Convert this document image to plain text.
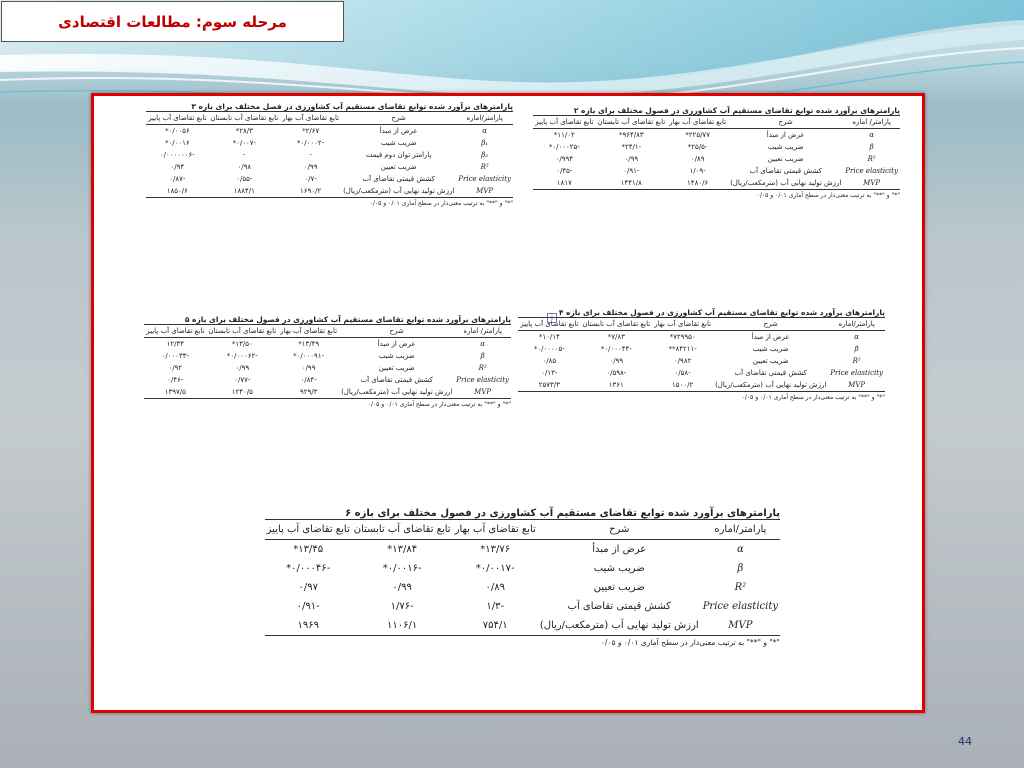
مرحله سوم: مطالعات اقتصادی
+
پارامترهای برآورد شده توابع تقاضای مستقیم آب کشاورزی در فصول مختلف برای بازه ۲
پارامتر/ اماره	شرح	تابع تقاضای آب بهار	تابع تقاضای آب تابستان	تابع تقاضای آب پاییز
α	عرض از مبدأ	۲۲۵/۷۷*	۹۶۴/۸۳*	۱۱/۰۲*
β	ضریب شیب	-۲۵/۵*	-۲۴/۱*	-۰/۰۰۰۲۵*
R²	ضریب تعیین	۰/۸۹	۰/۹۹	۰/۹۹۴
Price elasticity	کشش قیمتی تقاضای آب	-۱/۰۹	-۰/۹۱	-۰/۴۵
MVP	ارزش تولید نهایی آب (مترمکعب/ریال)	۱۴۸۰/۶	۱۴۴۱/۸	۱۸۱۷
"*" و "**" به ترتیب معنی‌دار در سطح آماری ۰/۰۱ و ۰/۰۵
پارامترهای برآورد شده توابع تقاضای مستقیم آب کشاورزی در فصل مختلف برای بازه ۳
پارامتر/اماره	شرح	تابع تقاضای آب بهار	تابع تقاضای آب تابستان	تابع تقاضای آب پاییز
α	عرض از مبدأ	۲/۶۷*	۲۸/۳*	۰/۰۰۵۶*
β₁	ضریب شیب	-۰/۰۰۰۲*	-۰/۰۰۷*	۰/۰۰۱۶*
β₂	پارامتر توان دوم قیمت	-	-	-۰/۰۰۰۰۰۰۶
R²	ضریب تعیین	۰/۹۹	۰/۹۸	۰/۹۴
Price elasticity	کشش قیمتی تقاضای آب	-۰/۷	-۰/۵۵	-۰/۸۷
MVP	ارزش تولید نهایی آب (مترمکعب/ریال)	۱۶۹۰/۲	۱۸۸۴/۱	۱۸۵۰/۶
"*" و "**" به ترتیب معنی‌دار در سطح آماری ۰/۰۱ و ۰/۰۵
پارامترهای برآورد شده توابع تقاضای مستقیم آب کشاورزی در فصول مختلف برای بازه ۴
پارامتر/اماره	شرح	تابع تقاضای آب بهار	تابع تقاضای آب تابستان	تابع تقاضای آب پاییز
α	عرض از مبدأ	۷۲۹۹۵۰*	۷/۸۳*	۱۰/۱۴*
β	ضریب شیب	-۸۴۲۱۱**	-۰/۰۰۰۴۴*	-۰/۰۰۰۰۵*
R²	ضریب تعیین	۰/۹۸۲	۰/۹۹	۰/۸۵
Price elasticity	کشش قیمتی تقاضای آب	-۰/۵۸	-۰/۵۹۸	-۰/۱۳
MVP	ارزش تولید نهایی آب (مترمکعب/ریال)	۱۵۰۰/۲	۱۳۶۱	۲۵۷۳/۳
"*" و "**" به ترتیب معنی‌دار در سطح آماری ۰/۰۱ و ۰/۰۵
پارامترهای برآورد شده توابع تقاضای مستقیم آب کشاورزی در فصول مختلف برای بازه ۵
پارامتر/ اماره	شرح	تابع تقاضای آب بهار	تابع تقاضای آب تابستان	تابع تقاضای آب پاییز
α	عرض از مبدأ	۱۳/۴۹*	۱۳/۵۰*	۱۲/۳۴
β	ضریب شیب	-۰/۰۰۰۹۱*	-۰/۰۰۰۶۲*	-۰/۰۰۰۳۳
R²	ضریب تعیین	۰/۹۹	۰/۹۹	۰/۹۲
Price elasticity	کشش قیمتی تقاضای آب	-۰/۸۴	-۰/۷۷	-۰/۴۶
MVP	ارزش تولید نهایی آب (مترمکعب/ریال)	۹۲۹/۳	۱۲۴۰/۵	۱۳۹۷/۵
"*" و "**" به ترتیب معنی‌دار در سطح آماری ۰/۰۱ و ۰/۰۵
پارامترهای برآورد شده توابع تقاضای مستقیم آب کشاورزی در فصول مختلف برای بازه ۶
پارامتر/اماره	شرح	تابع تقاضای آب بهار	تابع تقاضای آب تابستان	تابع تقاضای آب پاییز
α	عرض از مبدأ	۱۳/۷۶*	۱۳/۸۴*	۱۳/۴۵*
β	ضریب شیب	-۰/۰۰۱۷*	-۰/۰۰۱۶*	-۰/۰۰۰۴۶*
R²	ضریب تعیین	۰/۸۹	۰/۹۹	۰/۹۷
Price elasticity	کشش قیمتی تقاضای آب	-۱/۳	-۱/۷۶	-۰/۹۱
MVP	ارزش تولید نهایی آب (مترمکعب/ریال)	۷۵۴/۱	۱۱۰۶/۱	۱۹۶۹
"*" و "**" به ترتیب معنی‌دار در سطح آماری ۰/۰۱ و ۰/۰۵
44
